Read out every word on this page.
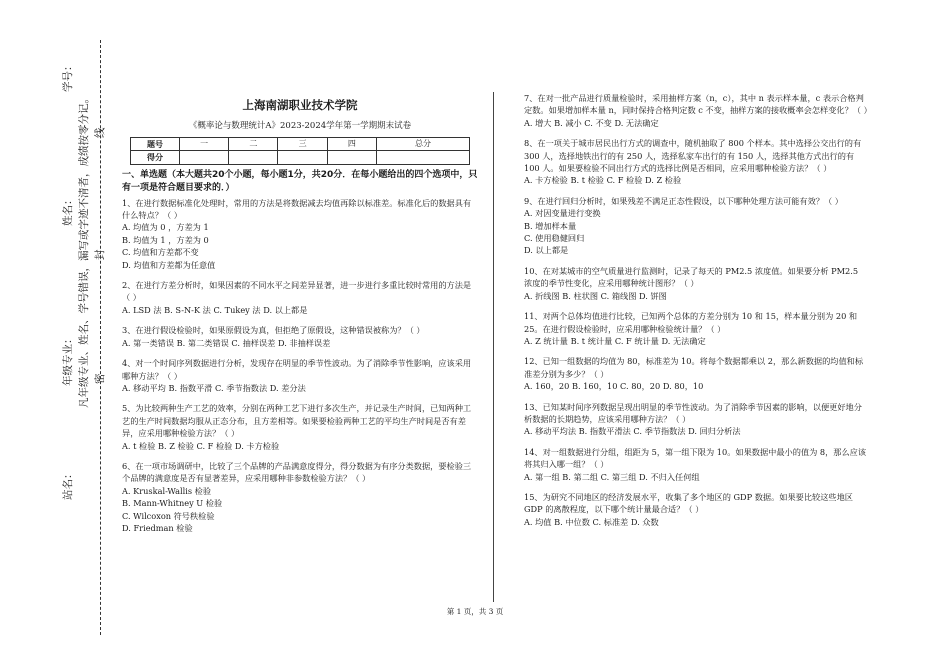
学号：
姓名：
年级专业：
站名：
凡年级专业、姓名、学号错误，漏写或字迹不清者，成绩按零分记。 线
封
密
上海南湖职业技术学院
《概率论与数理统计A》2023-2024学年第一学期期末试卷
题号	一	二	三	四	总分
得分					
一、单选题（本大题共20个小题，每小题1分，共20分．在每小题给出的四个选项中，只有一项是符合题目要求的．）

1、在进行数据标准化处理时，常用的方法是将数据减去均值再除以标准差。标准化后的数据具有什么特点？（ ）

A. 均值为 0 ，方差为 1

B. 均值为 1 ，方差为 0

C. 均值和方差都不变

D. 均值和方差都为任意值

2、在进行方差分析时，如果因素的不同水平之间差异显著，进一步进行多重比较时常用的方法是（ ）

A. LSD 法 B. S-N-K 法 C. Tukey 法 D. 以上都是

3、在进行假设检验时，如果原假设为真，但拒绝了原假设，这种错误被称为？（ ）

A. 第一类错误 B. 第二类错误 C. 抽样误差 D. 非抽样误差

4、对一个时间序列数据进行分析，发现存在明显的季节性波动。为了消除季节性影响，应该采用哪种方法？（ ）

A. 移动平均 B. 指数平滑 C. 季节指数法 D. 差分法

5、为比较两种生产工艺的效率，分别在两种工艺下进行多次生产，并记录生产时间，已知两种工艺的生产时间数据均服从正态分布，且方差相等。如果要检验两种工艺的平均生产时间是否有差异，应采用哪种检验方法？（ ）

A. t 检验 B. Z 检验 C. F 检验 D. 卡方检验

6、在一项市场调研中，比较了三个品牌的产品满意度得分，得分数据为有序分类数据，要检验三个品牌的满意度是否有显著差异，应采用哪种非参数检验方法？（ ）

A. Kruskal-Wallis 检验

B. Mann-Whitney U 检验

C. Wilcoxon 符号秩检验

D. Friedman 检验

7、在对一批产品进行质量检验时，采用抽样方案（n，c），其中 n 表示样本量，c 表示合格判定数。如果增加样本量 n，同时保持合格判定数 c 不变，抽样方案的接收概率会怎样变化？（ ）

A. 增大 B. 减小 C. 不变 D. 无法确定

8、在一项关于城市居民出行方式的调查中，随机抽取了 800 个样本。其中选择公交出行的有 300 人，选择地铁出行的有 250 人，选择私家车出行的有 150 人，选择其他方式出行的有 100 人。如果要检验不同出行方式的选择比例是否相同，应采用哪种检验方法？（ ）

A. 卡方检验 B. t 检验 C. F 检验 D. Z 检验

9、在进行回归分析时，如果残差不满足正态性假设，以下哪种处理方法可能有效？（ ）

A. 对因变量进行变换

B. 增加样本量

C. 使用稳健回归

D. 以上都是

10、在对某城市的空气质量进行监测时，记录了每天的 PM2.5 浓度值。如果要分析 PM2.5 浓度的季节性变化，应采用哪种统计图形？（ ）

A. 折线图 B. 柱状图 C. 箱线图 D. 饼图

11、对两个总体均值进行比较，已知两个总体的方差分别为 10 和 15，样本量分别为 20 和 25。在进行假设检验时，应采用哪种检验统计量？（ ）

A. Z 统计量 B. t 统计量 C. F 统计量 D. 无法确定

12、已知一组数据的均值为 80，标准差为 10。将每个数据都乘以 2，那么新数据的均值和标准差分别为多少？（ ）

A. 160，20 B. 160，10 C. 80，20 D. 80，10

13、已知某时间序列数据呈现出明显的季节性波动。为了消除季节因素的影响，以便更好地分析数据的长期趋势，应该采用哪种方法？（ ）

A. 移动平均法 B. 指数平滑法 C. 季节指数法 D. 回归分析法

14、对一组数据进行分组，组距为 5，第一组下限为 10。如果数据中最小的值为 8，那么应该将其归入哪一组？（ ）

A. 第一组 B. 第二组 C. 第三组 D. 不归入任何组

15、为研究不同地区的经济发展水平，收集了多个地区的 GDP 数据。如果要比较这些地区 GDP 的离散程度，以下哪个统计量最合适？（ ）

A. 均值 B. 中位数 C. 标准差 D. 众数

第 1 页，共 3 页
